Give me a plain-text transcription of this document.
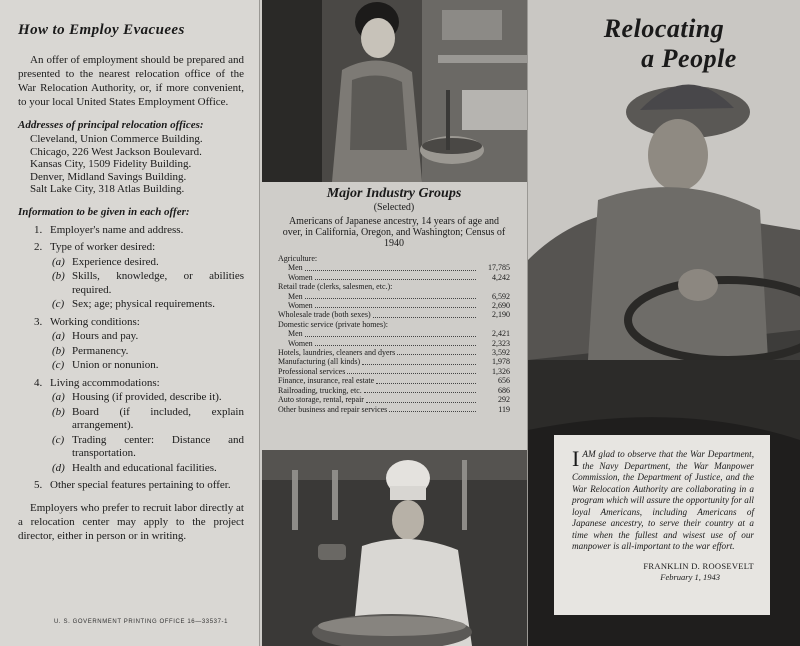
How to Employ Evacuees

An offer of employment should be prepared and presented to the nearest relocation office of the War Relocation Authority, or, if more convenient, to your local United States Employment Office.

Addresses of principal relocation offices:

Cleveland, Union Commerce Building.
Chicago, 226 West Jackson Boulevard.
Kansas City, 1509 Fidelity Building.
Denver, Midland Savings Building.
Salt Lake City, 318 Atlas Building.

Information to be given in each offer:

1. Employer's name and address.
2. Type of worker desired:
(a) Experience desired.
(b) Skills, knowledge, or abilities required.
(c) Sex; age; physical requirements.
3. Working conditions:
(a) Hours and pay.
(b) Permanency.
(c) Union or nonunion.
4. Living accommodations:
(a) Housing (if provided, describe it).
(b) Board (if included, explain arrangement).
(c) Trading center: Distance and transportation.
(d) Health and educational facilities.
5. Other special features pertaining to offer.

Employers who prefer to recruit labor directly at a relocation center may apply to the project director, either in person or in writing.

U. S. GOVERNMENT PRINTING OFFICE 16—33537-1

Major Industry Groups

(Selected)

Americans of Japanese ancestry, 14 years of age and over, in California, Oregon, and Washington; Census of 1940

Agriculture:
Men	17,785
Women	4,242
Retail trade (clerks, salesmen, etc.):
Men	6,592
Women	2,690
Wholesale trade (both sexes)	2,190
Domestic service (private homes):
Men	2,421
Women	2,323
Hotels, laundries, cleaners and dyers	3,592
Manufacturing (all kinds)	1,978
Professional services	1,326
Finance, insurance, real estate	656
Railroading, trucking, etc.	686
Auto storage, rental, repair	292
Other business and repair services	119
Relocating
a People
I AM glad to observe that the War Department, the Navy Department, the War Manpower Commission, the Department of Justice, and the War Relocation Authority are collaborating in a program which will assure the opportunity for all loyal Americans, including Americans of Japanese ancestry, to serve their country at a time when the fullest and wisest use of our manpower is all-important to the war effort.

FRANKLIN D. ROOSEVELT
February 1, 1943
